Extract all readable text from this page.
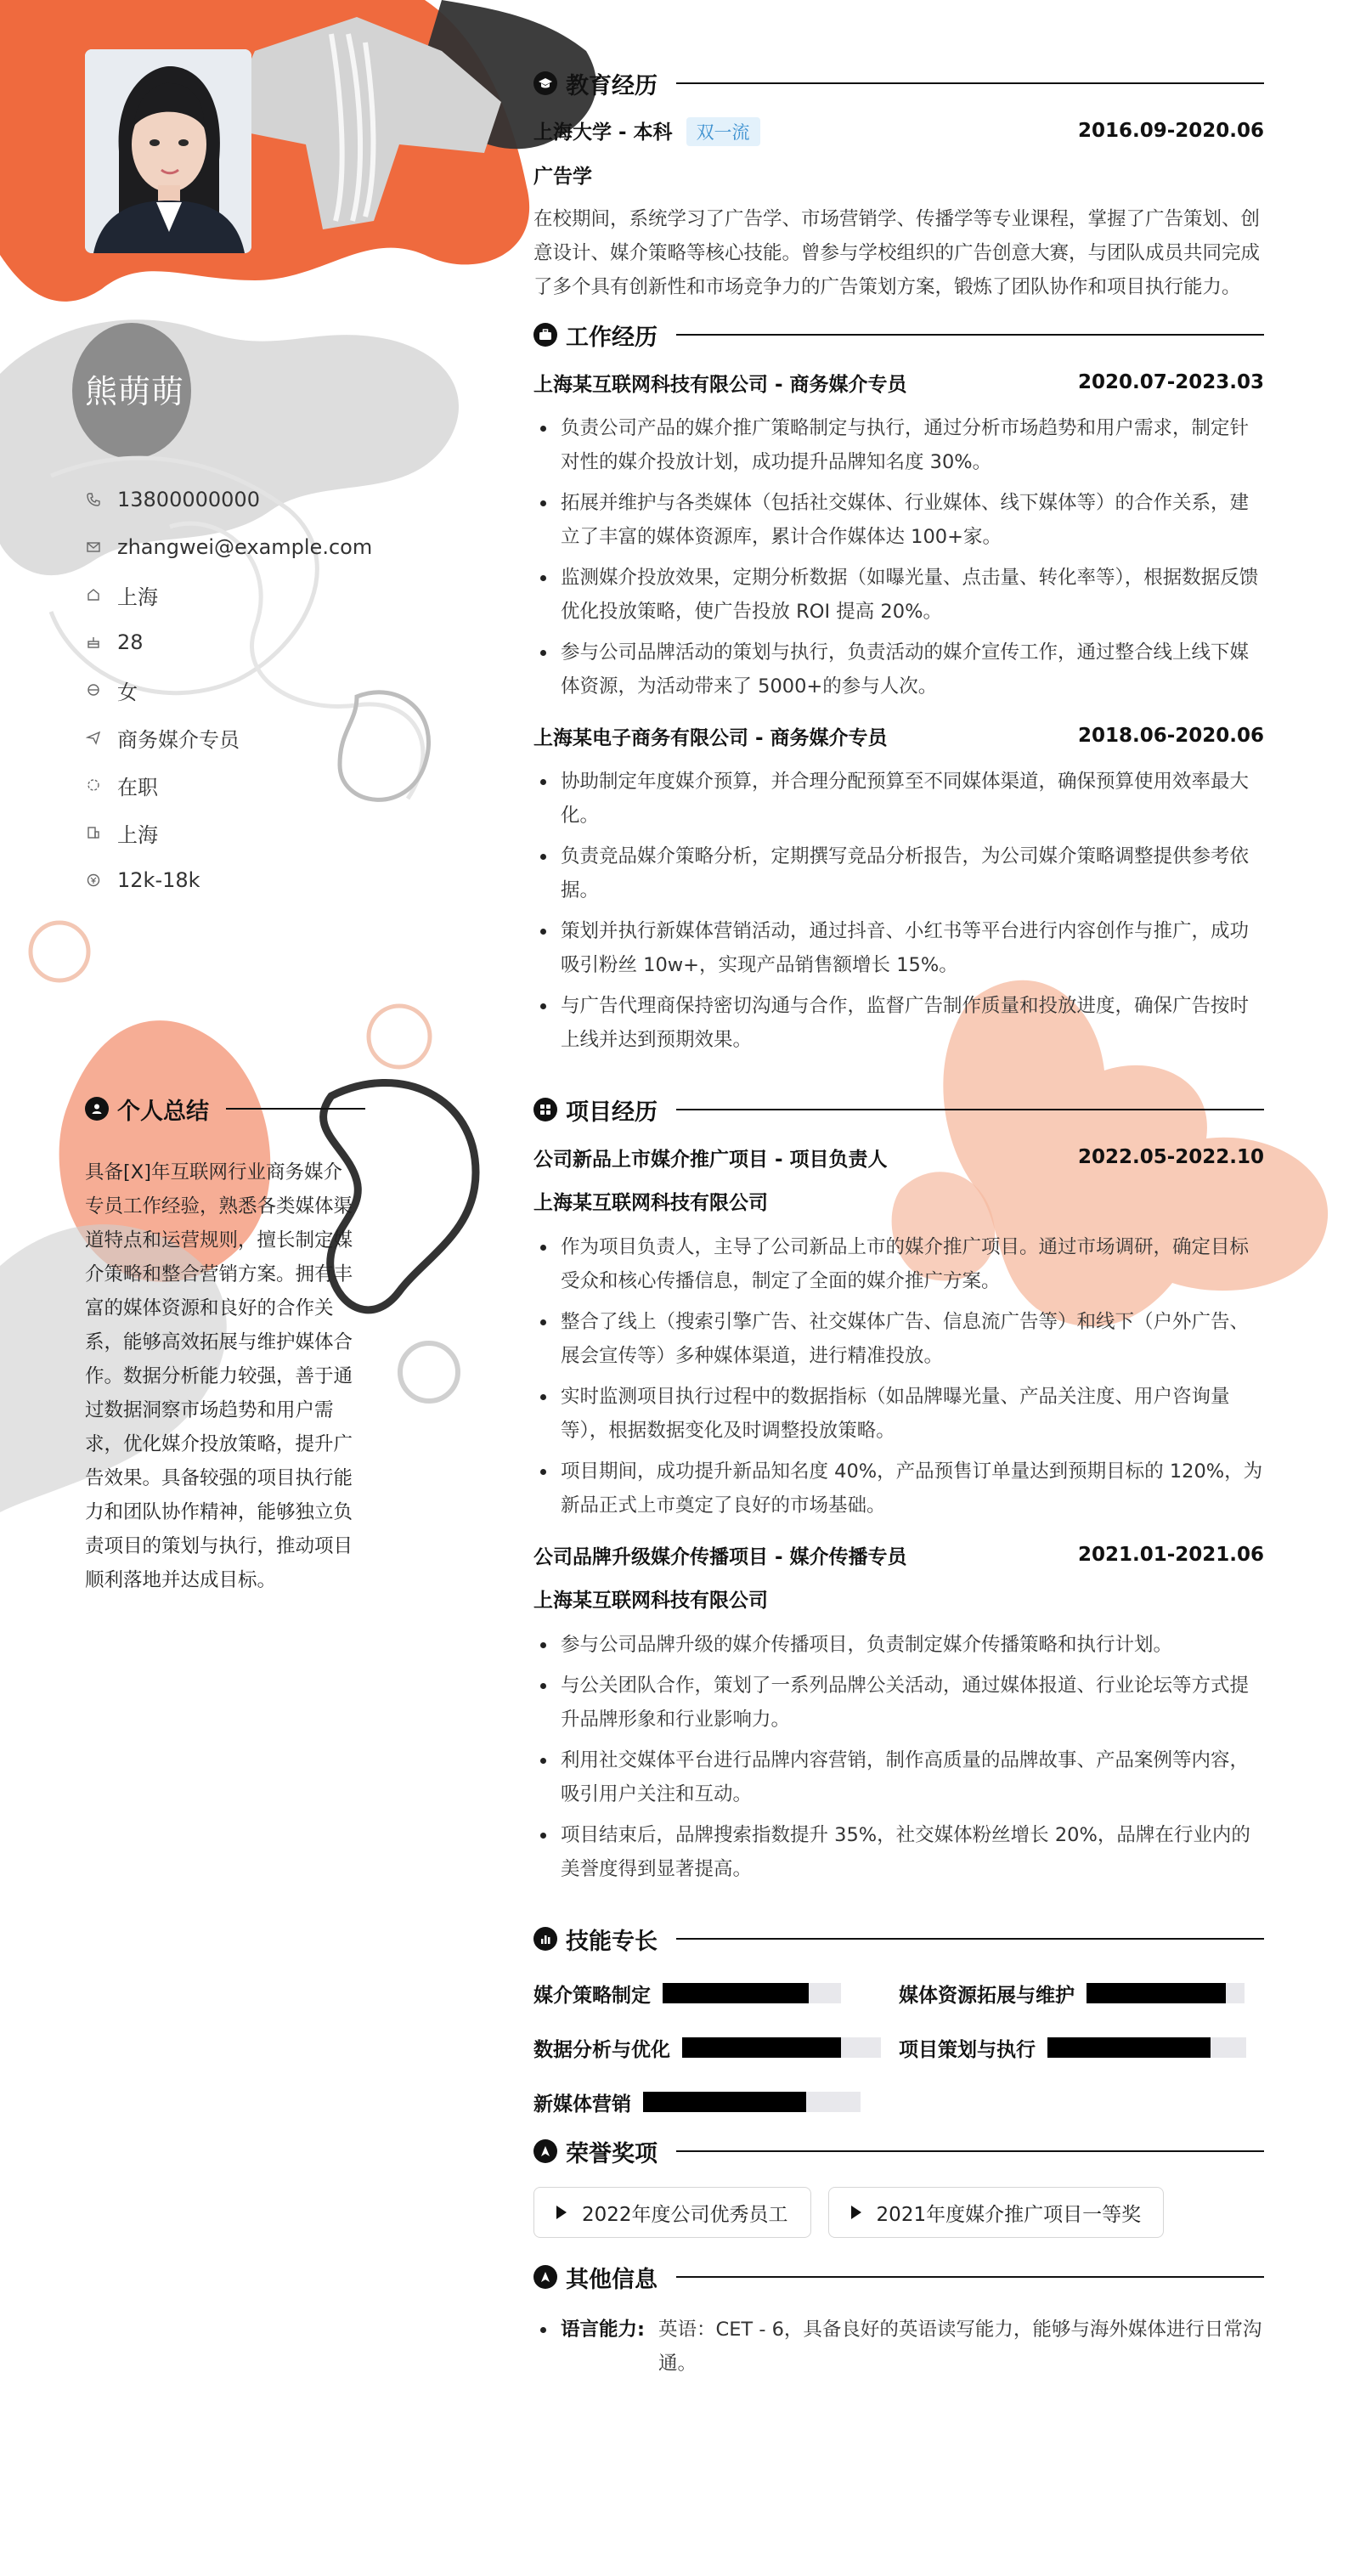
熊萌萌
13800000000
zhangwei@example.com
上海
28
女
商务媒介专员
在职
上海
12k-18k
个人总结
具备[X]年互联网行业商务媒介专员工作经验，熟悉各类媒体渠道特点和运营规则，擅长制定媒介策略和整合营销方案。拥有丰富的媒体资源和良好的合作关系，能够高效拓展与维护媒体合作。数据分析能力较强，善于通过数据洞察市场趋势和用户需求，优化媒介投放策略，提升广告效果。具备较强的项目执行能力和团队协作精神，能够独立负责项目的策划与执行，推动项目顺利落地并达成目标。
教育经历
上海大学 - 本科 双一流	2016.09-2020.06
广告学
在校期间，系统学习了广告学、市场营销学、传播学等专业课程，掌握了广告策划、创意设计、媒介策略等核心技能。曾参与学校组织的广告创意大赛，与团队成员共同完成了多个具有创新性和市场竞争力的广告策划方案，锻炼了团队协作和项目执行能力。
工作经历
上海某互联网科技有限公司 - 商务媒介专员	2020.07-2023.03
负责公司产品的媒介推广策略制定与执行，通过分析市场趋势和用户需求，制定针对性的媒介投放计划，成功提升品牌知名度 30%。
拓展并维护与各类媒体（包括社交媒体、行业媒体、线下媒体等）的合作关系，建立了丰富的媒体资源库，累计合作媒体达 100+家。
监测媒介投放效果，定期分析数据（如曝光量、点击量、转化率等），根据数据反馈优化投放策略，使广告投放 ROI 提高 20%。
参与公司品牌活动的策划与执行，负责活动的媒介宣传工作，通过整合线上线下媒体资源，为活动带来了 5000+的参与人次。
上海某电子商务有限公司 - 商务媒介专员	2018.06-2020.06
协助制定年度媒介预算，并合理分配预算至不同媒体渠道，确保预算使用效率最大化。
负责竞品媒介策略分析，定期撰写竞品分析报告，为公司媒介策略调整提供参考依据。
策划并执行新媒体营销活动，通过抖音、小红书等平台进行内容创作与推广，成功吸引粉丝 10w+，实现产品销售额增长 15%。
与广告代理商保持密切沟通与合作，监督广告制作质量和投放进度，确保广告按时上线并达到预期效果。
项目经历
公司新品上市媒介推广项目 - 项目负责人	2022.05-2022.10
上海某互联网科技有限公司
作为项目负责人，主导了公司新品上市的媒介推广项目。通过市场调研，确定目标受众和核心传播信息，制定了全面的媒介推广方案。
整合了线上（搜索引擎广告、社交媒体广告、信息流广告等）和线下（户外广告、展会宣传等）多种媒体渠道，进行精准投放。
实时监测项目执行过程中的数据指标（如品牌曝光量、产品关注度、用户咨询量等），根据数据变化及时调整投放策略。
项目期间，成功提升新品知名度 40%，产品预售订单量达到预期目标的 120%，为新品正式上市奠定了良好的市场基础。
公司品牌升级媒介传播项目 - 媒介传播专员	2021.01-2021.06
上海某互联网科技有限公司
参与公司品牌升级的媒介传播项目，负责制定媒介传播策略和执行计划。
与公关团队合作，策划了一系列品牌公关活动，通过媒体报道、行业论坛等方式提升品牌形象和行业影响力。
利用社交媒体平台进行品牌内容营销，制作高质量的品牌故事、产品案例等内容，吸引用户关注和互动。
项目结束后，品牌搜索指数提升 35%，社交媒体粉丝增长 20%，品牌在行业内的美誉度得到显著提高。
技能专长
媒介策略制定	媒体资源拓展与维护
数据分析与优化	项目策划与执行
新媒体营销
荣誉奖项
2022年度公司优秀员工	2021年度媒介推广项目一等奖
其他信息
语言能力: 英语：CET - 6，具备良好的英语读写能力，能够与海外媒体进行日常沟通。
